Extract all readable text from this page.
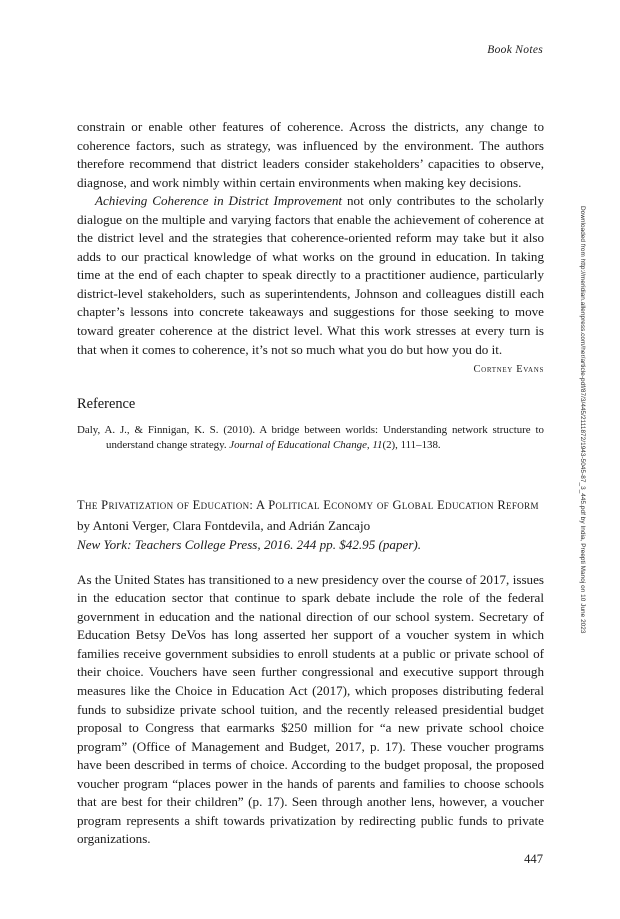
Book Notes

constrain or enable other features of coherence. Across the districts, any change to coherence factors, such as strategy, was influenced by the environment. The authors therefore recommend that district leaders consider stakeholders’ capacities to observe, diagnose, and work nimbly within certain environments when making key decisions.

Achieving Coherence in District Improvement not only contributes to the scholarly dialogue on the multiple and varying factors that enable the achievement of coherence at the district level and the strategies that coherence-oriented reform may take but it also adds to our practical knowledge of what works on the ground in education. In taking time at the end of each chapter to speak directly to a practitioner audience, particularly district-level stakeholders, such as superintendents, Johnson and colleagues distill each chapter’s lessons into concrete takeaways and suggestions for those seeking to move toward greater coherence at the district level. What this work stresses at every turn is that when it comes to coherence, it’s not so much what you do but how you do it.

Cortney Evans

Reference

Daly, A. J., & Finnigan, K. S. (2010). A bridge between worlds: Understanding network structure to understand change strategy. Journal of Educational Change, 11(2), 111–138.

The Privatization of Education: A Political Economy of Global Education Reform

by Antoni Verger, Clara Fontdevila, and Adrián Zancajo

New York: Teachers College Press, 2016. 244 pp. $42.95 (paper).

As the United States has transitioned to a new presidency over the course of 2017, issues in the education sector that continue to spark debate include the role of the federal government in education and the national direction of our school system. Secretary of Education Betsy DeVos has long asserted her support of a voucher system in which families receive government subsidies to enroll students at a public or private school of their choice. Vouchers have seen further congressional and executive support through measures like the Choice in Education Act (2017), which proposes distributing federal funds to subsidize private school tuition, and the recently released presidential budget proposal to Congress that earmarks $250 million for “a new private school choice program” (Office of Management and Budget, 2017, p. 17). These voucher programs have been described in terms of choice. According to the budget proposal, the proposed voucher program “places power in the hands of parents and families to choose schools that are best for their children” (p. 17). Seen through another lens, however, a voucher program represents a shift towards privatization by redirecting public funds to private organizations.

447
Downloaded from http://meridian.allenpress.com/her/article-pdf/87/3/445/2111872/1943-5045-87_3_445.pdf by India, Preepti Manoj on 10 June 2023
